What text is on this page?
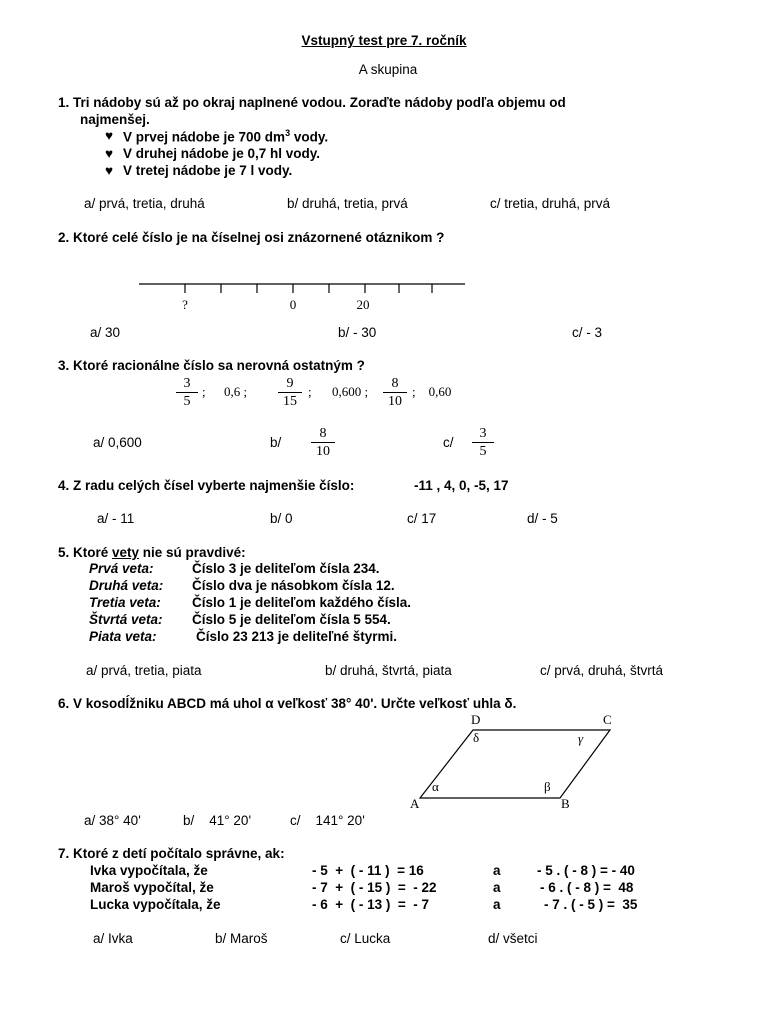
Vstupný test pre 7. ročník
A skupina
1. Tri nádoby sú až po okraj naplnené vodou. Zoraďte nádoby podľa objemu od
najmenšej.
♥ V prvej nádobe je 700 $dm^3$ vody.
♥ V druhej nádobe je 0,7 hl vody.
♥ V tretej nádobe je 7 l vody.
a/ prvá, tretia, druhá	b/ druhá, tretia, prvá	c/ tretia, druhá, prvá
2. Ktoré celé číslo je na číselnej osi znázornené otáznikom ?
?	0	20
a/ 30	b/ - 30	c/ - 3
3. Ktoré racionálne číslo sa nerovná ostatným ?
3
5
; 0,6 ;
9
15
; 0,600 ;
8
10
;    0,60
a/ 0,600	b/
8
10
c/
3
5
4. Z radu celých čísel vyberte najmenšie číslo:	-11 , 4, 0, -5, 17
a/ - 11	b/ 0	c/ 17	d/ - 5
5. Ktoré vety nie sú pravdivé:
Prvá veta:	Číslo 3 je deliteľom čísla 234.
Druhá veta: Číslo dva je násobkom čísla 12.
Tretia veta: Číslo 1 je deliteľom každého čísla.
Štvrtá veta: Číslo 5 je deliteľom čísla 5 554.
Piata veta:	Číslo 23 213 je deliteľné štyrmi.
a/ prvá, tretia, piata	b/ druhá, štvrtá, piata	c/ prvá, druhá, štvrtá
6. V kosodĺžniku ABCD má uhol α veľkosť 38° 40'. Určte veľkosť uhla δ.
A	B
C
D
α	β
γ
δ
a/ 38° 40'	b/    41° 20'	c/    141° 20'
7. Ktoré z detí počítalo správne, ak:
Ivka vypočítala, že	- 5  +  ( - 11 )  = 16	a	- 5 . ( - 8 ) = - 40
Maroš vypočítal, že	- 7  +  ( - 15 )  =  - 22	a	- 6 . ( - 8 ) =  48
Lucka vypočítala, že	- 6  +  ( - 13 )  =  - 7	a	- 7 . ( - 5 ) =  35
a/ Ivka	b/ Maroš	c/ Lucka	d/ všetci
